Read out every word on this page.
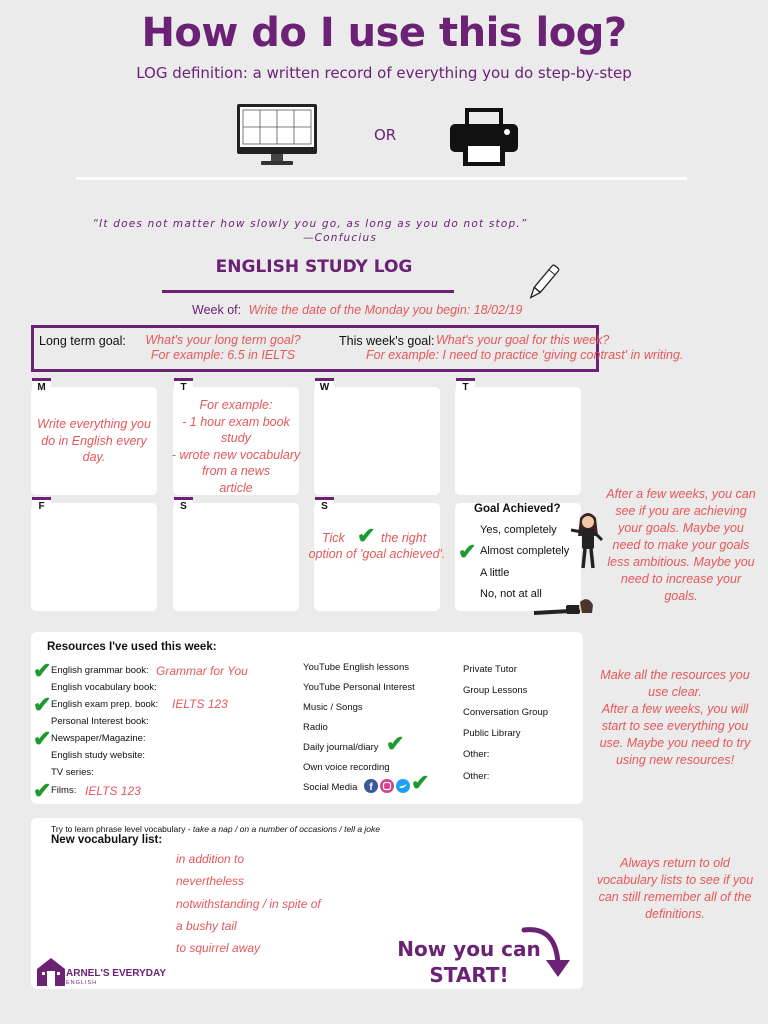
How do I use this log?
LOG definition: a written record of everything you do step-by-step
OR
“It does not matter how slowly you go, as long as you do not stop.”
—Confucius
ENGLISH STUDY LOG
Week of: Write the date of the Monday you begin: 18/02/19
Long term goal:	What's your long term goal?
For example: 6.5 in IELTS
This week's goal: What's your goal for this week?
For example: I need to practice 'giving contrast' in writing.
M
Write everything you
do in English every
day.
T
For example:
- 1 hour exam book
study
- wrote new vocabulary
from a news
article
W	T
F	S	S
Tick ✔ the right
option of 'goal achieved'.
Goal Achieved?
Yes, completely
✔ Almost completely
A little
No, not at all
After a few weeks, you can
see if you are achieving
your goals. Maybe you
need to make your goals
less ambitious. Maybe you
need to increase your
goals.
Make all the resources you
use clear.
After a few weeks, you will
start to see everything you
use. Maybe you need to try
using new resources!
Always return to old
vocabulary lists to see if you
can still remember all of the
definitions.
Resources I've used this week:
✔ English grammar book: Grammar for You
English vocabulary book:
✔ English exam prep. book: IELTS 123
Personal Interest book:
✔ Newspaper/Magazine:
English study website:
TV series:
✔ Films: IELTS 123
YouTube English lessons
YouTube Personal Interest
Music / Songs
Radio
Daily journal/diary ✔
Own voice recording
Social Media f ✔
Private Tutor
Group Lessons
Conversation Group
Public Library
Other:
Other:
Try to learn phrase level vocabulary - take a nap / on a number of occasions / tell a joke
New vocabulary list:
in addition to
nevertheless
notwithstanding / in spite of
a bushy tail
to squirrel away	Now you can
START!
ARNEL'S EVERYDAY
ENGLISH
